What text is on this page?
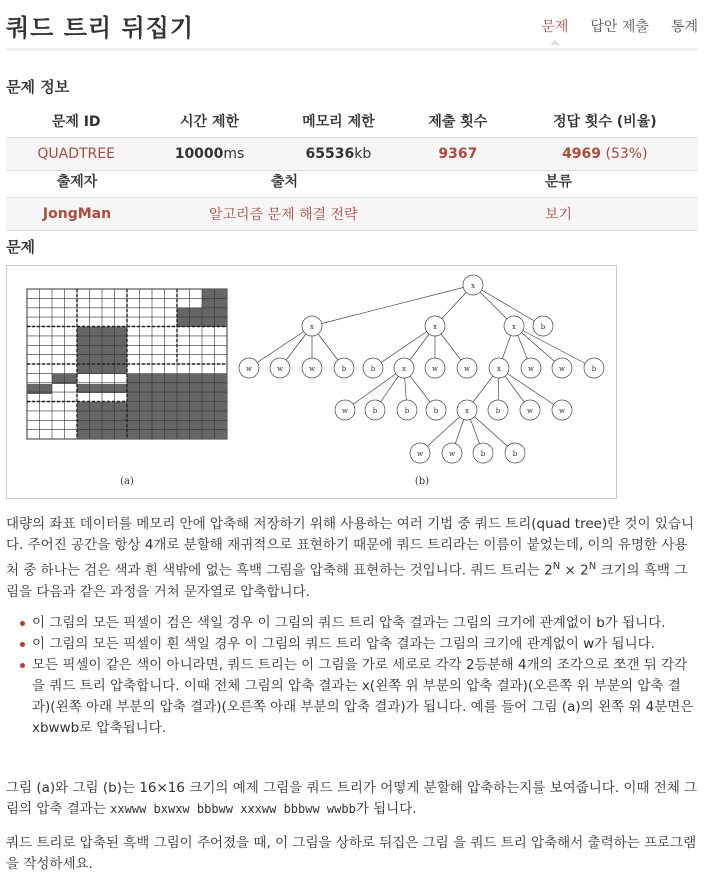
쿼드 트리 뒤집기	문제 답안 제출 통계
문제 정보
문제 ID	시간 제한	메모리 제한	제출 횟수	정답 횟수 (비율)
QUADTREE	10000ms	65536kb	9367	4969 (53%)
출제자	출처	분류
JongMan	알고리즘 문제 해결 전략	보기
문제
(a)
x
x	x	x	b
w	w	w	b	b	x	w	w	x	w	w	b
w	b	b	b	x	b	w	w
w	w	b	b
(b)
대량의 좌표 데이터를 메모리 안에 압축해 저장하기 위해 사용하는 여러 기법 중 쿼드 트리(quad tree)란 것이 있습니다. 주어진 공간을 항상 4개로 분할해 재귀적으로 표현하기 때문에 쿼드 트리라는 이름이 붙었는데, 이의 유명한 사용처 중 하나는 검은 색과 흰 색밖에 없는 흑백 그림을 압축해 표현하는 것입니다. 쿼드 트리는 $2^N \times 2^N$ 크기의 흑백 그림을 다음과 같은 과정을 거쳐 문자열로 압축합니다.
이 그림의 모든 픽셀이 검은 색일 경우 이 그림의 쿼드 트리 압축 결과는 그림의 크기에 관계없이 b가 됩니다.
이 그림의 모든 픽셀이 흰 색일 경우 이 그림의 쿼드 트리 압축 결과는 그림의 크기에 관계없이 w가 됩니다.
모든 픽셀이 같은 색이 아니라면, 쿼드 트리는 이 그림을 가로 세로로 각각 2등분해 4개의 조각으로 쪼갠 뒤 각각을 쿼드 트리 압축합니다. 이때 전체 그림의 압축 결과는 x(왼쪽 위 부분의 압축 결과)(오른쪽 위 부분의 압축 결과)(왼쪽 아래 부분의 압축 결과)(오른쪽 아래 부분의 압축 결과)가 됩니다. 예를 들어 그림 (a)의 왼쪽 위 4분면은 xbwwb로 압축됩니다.
그림 (a)와 그림 (b)는 16×16 크기의 예제 그림을 쿼드 트리가 어떻게 분할해 압축하는지를 보여줍니다. 이때 전체 그림의 압축 결과는 xxwww bxwxw bbbww xxxww bbbww wwbb가 됩니다.
쿼드 트리로 압축된 흑백 그림이 주어졌을 때, 이 그림을 상하로 뒤집은 그림 을 쿼드 트리 압축해서 출력하는 프로그램을 작성하세요.
